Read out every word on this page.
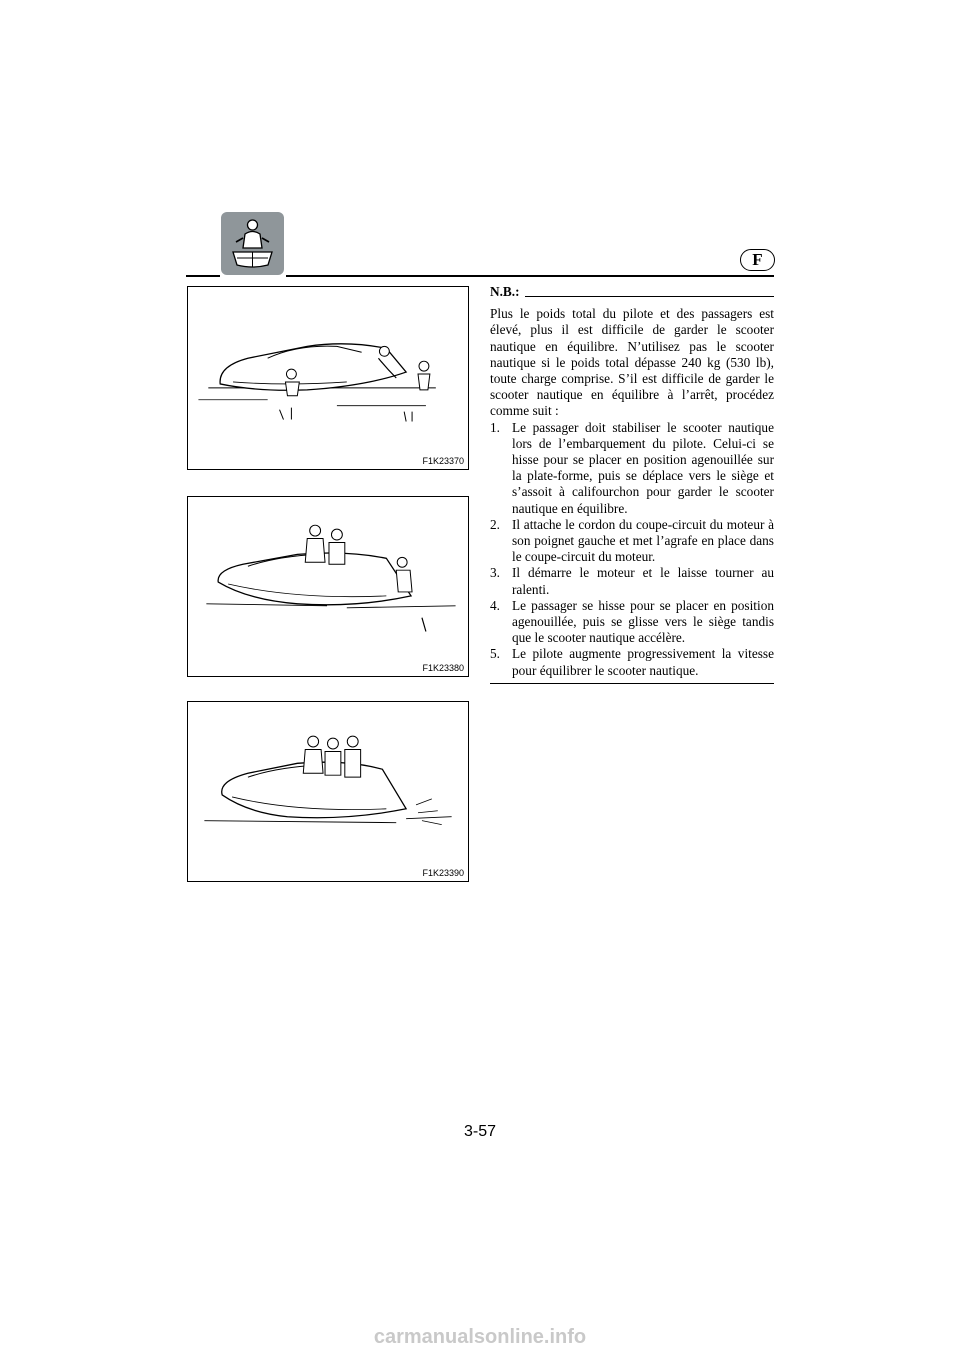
F
F1K23370
F1K23380
F1K23390
N.B.:

Plus le poids total du pilote et des passagers est élevé, plus il est difficile de garder le scooter nautique en équilibre. N’utilisez pas le scooter nautique si le poids total dépasse 240 kg (530 lb), toute charge comprise. S’il est difficile de garder le scooter nautique en équilibre à l’arrêt, procédez comme suit :

1. Le passager doit stabiliser le scooter nautique lors de l’embarquement du pilote. Celui-ci se hisse pour se placer en position agenouillée sur la plate-forme, puis se déplace vers le siège et s’assoit à califourchon pour garder le scooter nautique en équilibre.
2. Il attache le cordon du coupe-circuit du moteur à son poignet gauche et met l’agrafe en place dans le coupe-circuit du moteur.
3. Il démarre le moteur et le laisse tourner au ralenti.
4. Le passager se hisse pour se placer en position agenouillée, puis se glisse vers le siège tandis que le scooter nautique accélère.
5. Le pilote augmente progressivement la vitesse pour équilibrer le scooter nautique.
3-57
carmanualsonline.info
